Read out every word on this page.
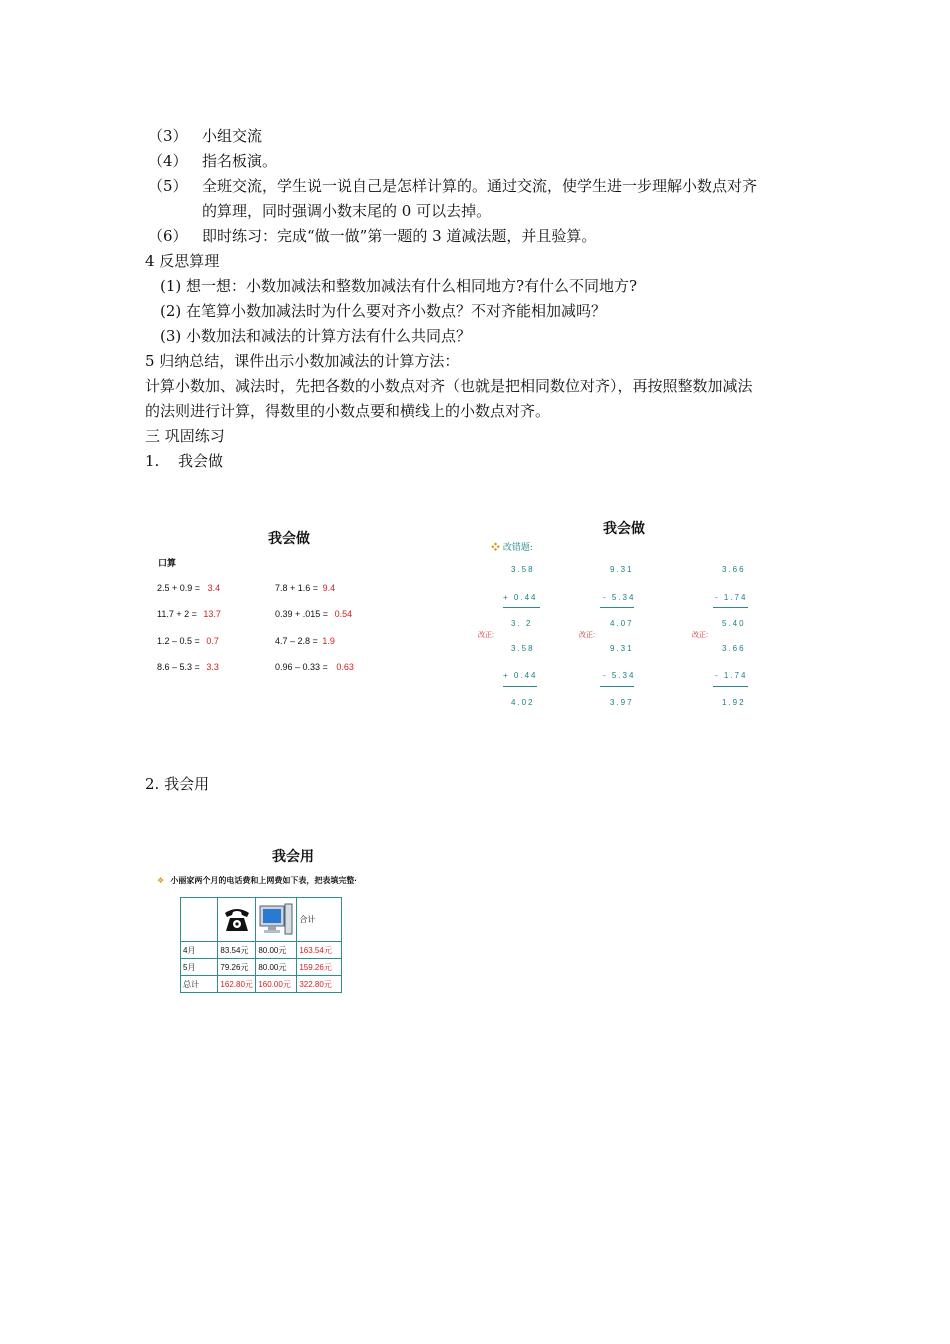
（3） 小组交流
（4） 指名板演。
（5） 全班交流，学生说一说自己是怎样计算的。通过交流，使学生进一步理解小数点对齐
的算理，同时强调小数末尾的 0 可以去掉。
（6） 即时练习：完成“做一做”第一题的 3 道减法题，并且验算。
4 反思算理
(1) 想一想：小数加减法和整数加减法有什么相同地方?有什么不同地方?
(2) 在笔算小数加减法时为什么要对齐小数点？不对齐能相加减吗？
(3) 小数加法和减法的计算方法有什么共同点？
5 归纳总结，课件出示小数加减法的计算方法：
计算小数加、减法时，先把各数的小数点对齐（也就是把相同数位对齐），再按照整数加减法
的法则进行计算，得数里的小数点要和横线上的小数点对齐。
三 巩固练习
1. 我会做
我会做
口算
2.5 + 0.9 = 3.4	7.8 + 1.6 = 9.4
11.7 + 2 = 13.7	0.39 + .015 = 0.54
1.2 – 0.5 = 0.7	4.7 – 2.8 = 1.9
8.6 – 5.3 = 3.3	0.96 – 0.33 = 0.63
我会做
❖ 改错题:
3.58
+ 0.44
3. 2
改正:
3.58
+ 0.44
4.02
9.31
- 5.34
4.07
改正:
9.31
- 5.34
3.97
3.66
- 1.74
5.40
改正:
3.66
- 1.74
1.92
2. 我会用
我会用
❖ 小丽家两个月的电话费和上网费如下表，把表填完整·
			合计
4月	83.54元	80.00元	163.54元
5月	79.26元	80.00元	159.26元
总计	162.80元	160.00元	322.80元
